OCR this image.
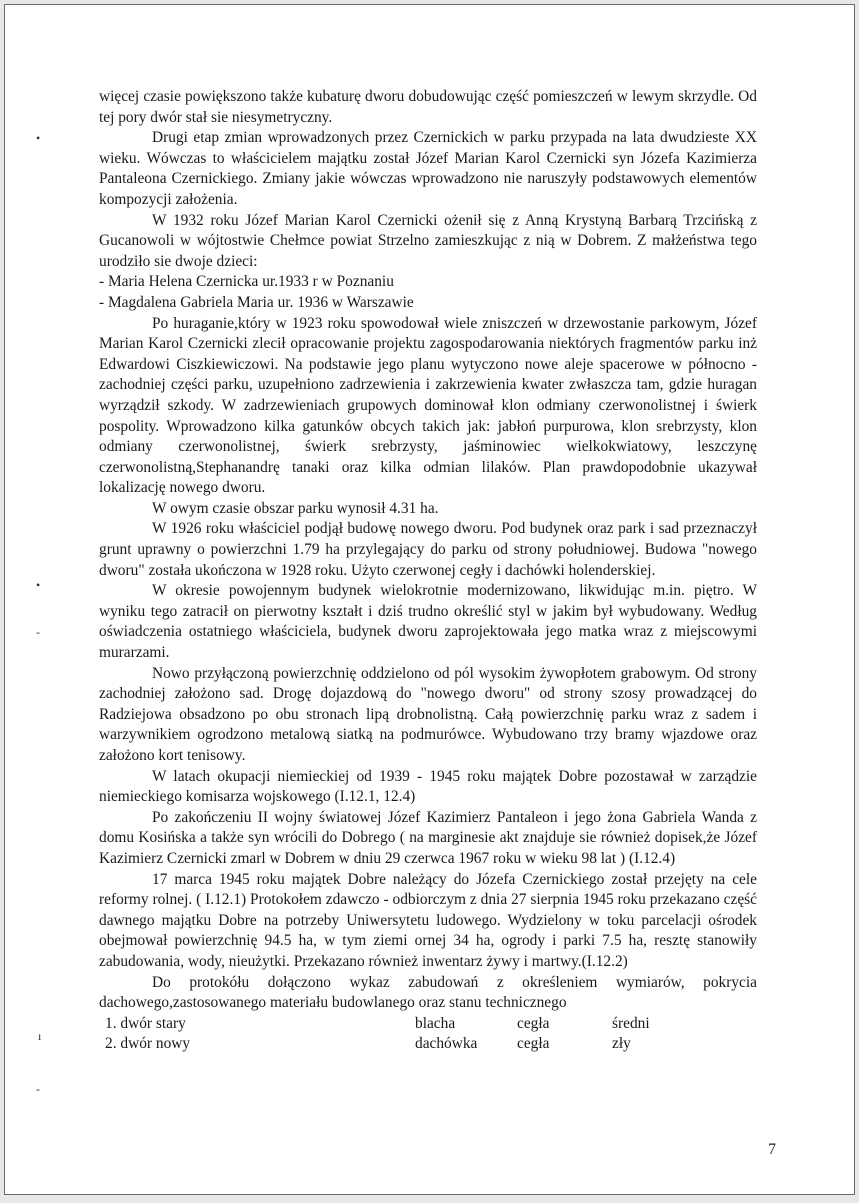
więcej czasie powiększono także kubaturę dworu dobudowując część pomieszczeń w lewym skrzydle. Od tej pory dwór stał sie niesymetryczny.

Drugi etap zmian wprowadzonych przez Czernickich w parku przypada na lata dwudzieste XX wieku. Wówczas to właścicielem majątku został Józef Marian Karol Czernicki syn Józefa Kazimierza Pantaleona Czernickiego. Zmiany jakie wówczas wprowadzono nie naruszyły podstawowych elementów kompozycji założenia.

W 1932 roku Józef Marian Karol Czernicki ożenił się z Anną Krystyną Barbarą Trzcińską z Gucanowoli w wójtostwie Chełmce powiat Strzelno zamieszkując z nią w Dobrem. Z małżeństwa tego urodziło sie dwoje dzieci:

- Maria Helena Czernicka ur.1933 r w Poznaniu

- Magdalena Gabriela Maria ur. 1936 w Warszawie

Po huraganie,który w 1923 roku spowodował wiele zniszczeń w drzewostanie parkowym, Józef Marian Karol Czernicki zlecił opracowanie projektu zagospodarowania niektórych fragmentów parku inż Edwardowi Ciszkiewiczowi. Na podstawie jego planu wytyczono nowe aleje spacerowe w północno - zachodniej części parku, uzupełniono zadrzewienia i zakrzewienia kwater zwłaszcza tam, gdzie huragan wyrządził szkody. W zadrzewieniach grupowych dominował klon odmiany czerwonolistnej i świerk pospolity. Wprowadzono kilka gatunków obcych takich jak: jabłoń purpurowa, klon srebrzysty, klon odmiany czerwonolistnej, świerk srebrzysty, jaśminowiec wielkokwiatowy, leszczynę czerwonolistną,Stephanandrę tanaki oraz kilka odmian lilaków. Plan prawdopodobnie ukazywał lokalizację nowego dworu.

W owym czasie obszar parku wynosił 4.31 ha.

W 1926 roku właściciel podjął budowę nowego dworu. Pod budynek oraz park i sad przeznaczył grunt uprawny o powierzchni 1.79 ha przylegający do parku od strony południowej. Budowa "nowego dworu" została ukończona w 1928 roku. Użyto czerwonej cegły i dachówki holenderskiej.

W okresie powojennym budynek wielokrotnie modernizowano, likwidując m.in. piętro. W wyniku tego zatracił on pierwotny kształt i dziś trudno określić styl w jakim był wybudowany. Według oświadczenia ostatniego właściciela, budynek dworu zaprojektowała jego matka wraz z miejscowymi murarzami.

Nowo przyłączoną powierzchnię oddzielono od pól wysokim żywopłotem grabowym. Od strony zachodniej założono sad. Drogę dojazdową do "nowego dworu" od strony szosy prowadzącej do Radziejowa obsadzono po obu stronach lipą drobnolistną. Całą powierzchnię parku wraz z sadem i warzywnikiem ogrodzono metalową siatką na podmurówce. Wybudowano trzy bramy wjazdowe oraz założono kort tenisowy.

W latach okupacji niemieckiej od 1939 - 1945 roku majątek Dobre pozostawał w zarządzie niemieckiego komisarza wojskowego (I.12.1, 12.4)

Po zakończeniu II wojny światowej Józef Kazimierz Pantaleon i jego żona Gabriela Wanda z domu Kosińska a także syn wrócili do Dobrego ( na marginesie akt znajduje sie również dopisek,że Józef Kazimierz Czernicki zmarl w Dobrem w dniu 29 czerwca 1967 roku w wieku 98 lat ) (I.12.4)

17 marca 1945 roku majątek Dobre należący do Józefa Czernickiego został przejęty na cele reformy rolnej. ( I.12.1) Protokołem zdawczo - odbiorczym z dnia 27 sierpnia 1945 roku przekazano część dawnego majątku Dobre na potrzeby Uniwersytetu ludowego. Wydzielony w toku parcelacji ośrodek obejmował powierzchnię 94.5 ha, w tym ziemi ornej 34 ha, ogrody i parki 7.5 ha, resztę stanowiły zabudowania, wody, nieużytki. Przekazano również inwentarz żywy i martwy.(I.12.2)

Do protokółu dołączono wykaz zabudowań z określeniem wymiarów, pokrycia dachowego,zastosowanego materiału budowlanego oraz stanu technicznego

1. dwór stary	blacha	cegła	średni
2. dwór nowy	dachówka	cegła	zły
7
•
•
-
ı
-
